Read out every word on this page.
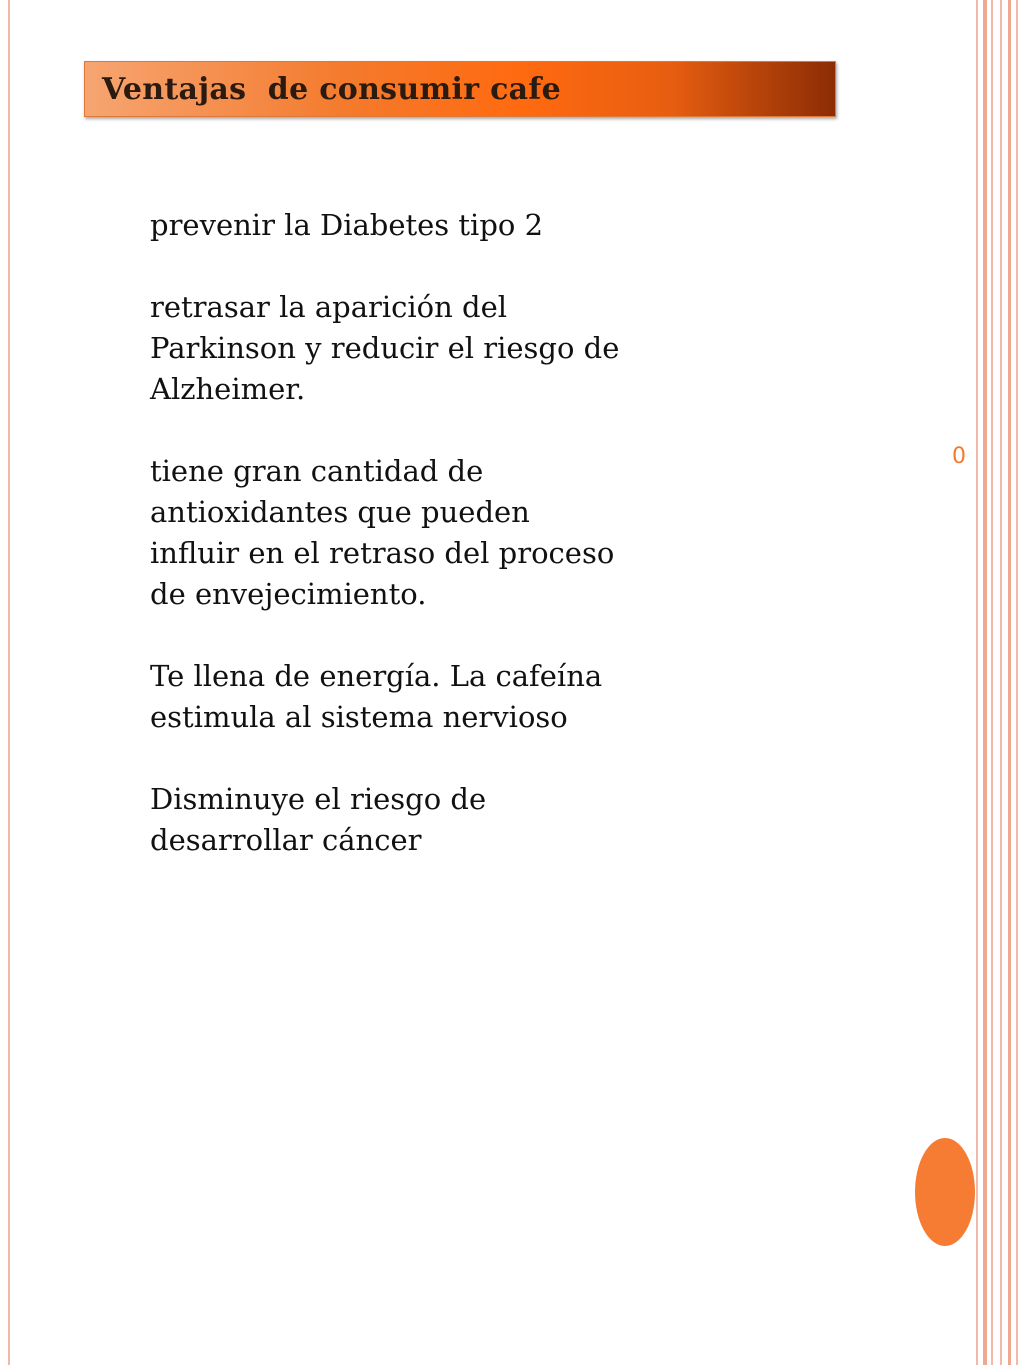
Ventajas  de consumir cafe

prevenir la Diabetes tipo 2

retrasar la aparición del Parkinson y reducir el riesgo de Alzheimer.

tiene gran cantidad de antioxidantes que pueden influir en el retraso del proceso de envejecimiento.

Te llena de energía. La cafeína estimula al sistema nervioso

Disminuye el riesgo de desarrollar cáncer

0
